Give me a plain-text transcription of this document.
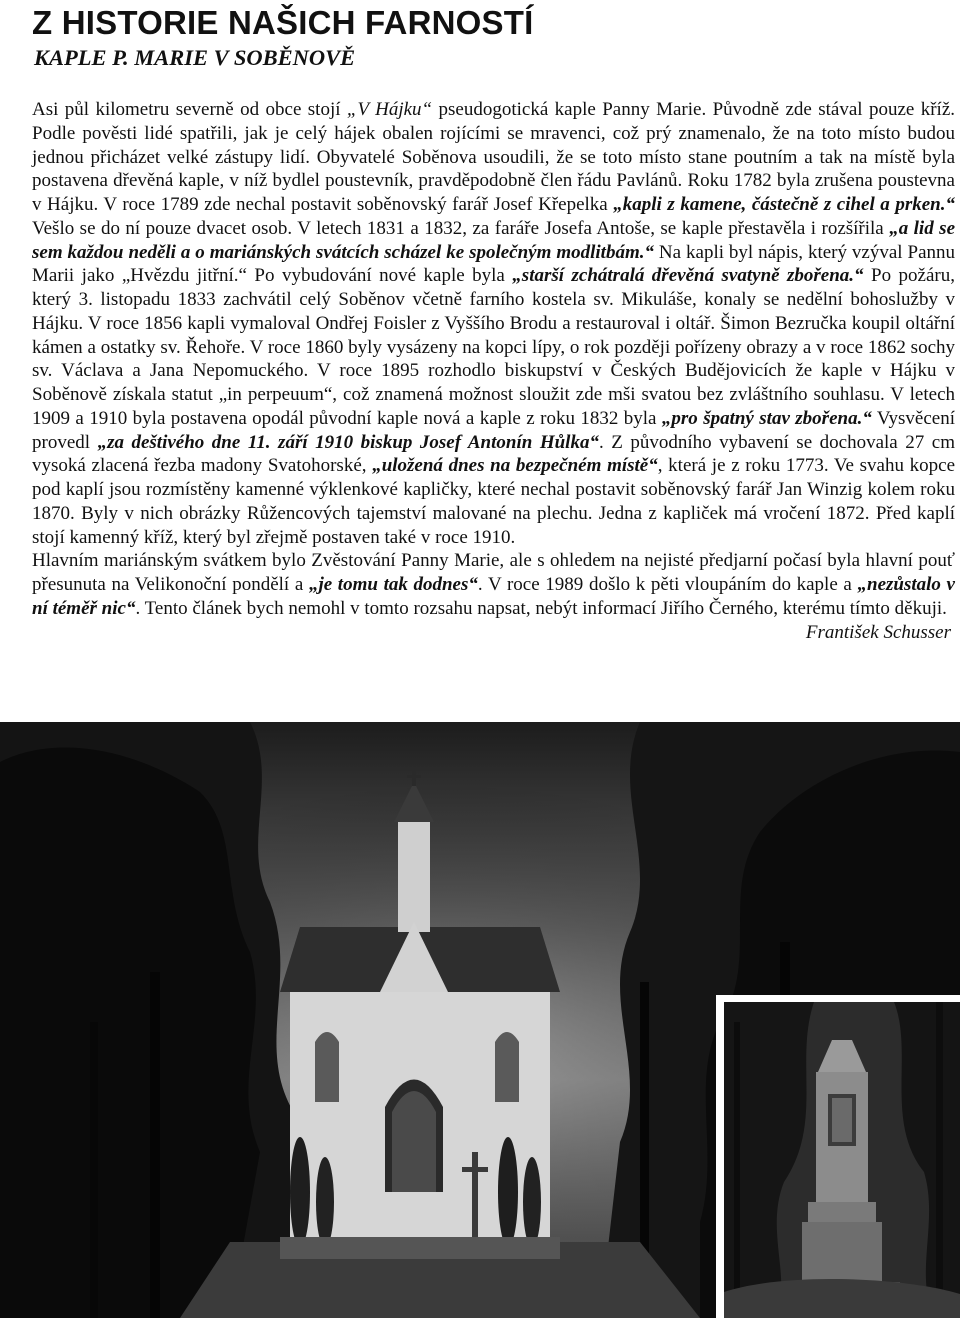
Z HISTORIE NAŠICH FARNOSTÍ
KAPLE P. MARIE V SOBĚNOVĚ

Asi půl kilometru severně od obce stojí „V Hájku“ pseudogotická kaple Panny Marie. Původně zde stával pouze kříž. Podle pověsti lidé spatřili, jak je celý hájek obalen rojícími se mravenci, což prý znamenalo, že na toto místo budou jednou přicházet velké zástupy lidí. Obyvatelé Soběnova usoudili, že se toto místo stane poutním a tak na místě byla postavena dřevěná kaple, v níž bydlel poustevník, pravděpodobně člen řádu Pavlánů. Roku 1782 byla zrušena poustevna v Hájku. V roce 1789 zde nechal postavit soběnovský farář Josef Křepelka „kapli z kamene, částečně z cihel a prken.“ Vešlo se do ní pouze dvacet osob. V letech 1831 a 1832, za faráře Josefa Antoše, se kaple přestavěla i rozšířila „a lid se sem každou neděli a o mariánských svátcích scházel ke společným modlitbám.“ Na kapli byl nápis, který vzýval Pannu Marii jako „Hvězdu jitřní.“ Po vybudování nové kaple byla „starší zchátralá dřevěná svatyně zbořena.“ Po požáru, který 3. listopadu 1833 zachvátil celý Soběnov včetně farního kostela sv. Mikuláše, konaly se nedělní bohoslužby v Hájku. V roce 1856 kapli vymaloval Ondřej Foisler z Vyššího Brodu a restauroval i oltář. Šimon Bezručka koupil oltářní kámen a ostatky sv. Řehoře. V roce 1860 byly vysázeny na kopci lípy, o rok později pořízeny obrazy a v roce 1862 sochy sv. Václava a Jana Nepomuckého. V roce 1895 rozhodlo biskupství v Českých Budějovicích že kaple v Hájku v Soběnově získala statut „in perpeuum“, což znamená možnost sloužit zde mši svatou bez zvláštního souhlasu. V letech 1909 a 1910 byla postavena opodál původní kaple nová a kaple z roku 1832 byla „pro špatný stav zbořena.“ Vysvěcení provedl „za deštivého dne 11. září 1910 biskup Josef Antonín Hůlka“. Z původního vybavení se dochovala 27 cm vysoká zlacená řezba madony Svatohorské, „uložená dnes na bezpečném místě“, která je z roku 1773. Ve svahu kopce pod kaplí jsou rozmístěny kamenné výklenkové kapličky, které nechal postavit soběnovský farář Jan Winzig kolem roku 1870. Byly v nich obrázky Růžencových tajemství malované na plechu. Jedna z kapliček má vročení 1872. Před kaplí stojí kamenný kříž, který byl zřejmě postaven také v roce 1910.

Hlavním mariánským svátkem bylo Zvěstování Panny Marie, ale s ohledem na nejisté předjarní počasí byla hlavní pouť přesunuta na Velikonoční pondělí a „je tomu tak dodnes“. V roce 1989 došlo k pěti vloupáním do kaple a „nezůstalo v ní téměř nic“. Tento článek bych nemohl v tomto rozsahu napsat, nebýt informací Jiřího Černého, kterému tímto děkuji.
František Schusser
